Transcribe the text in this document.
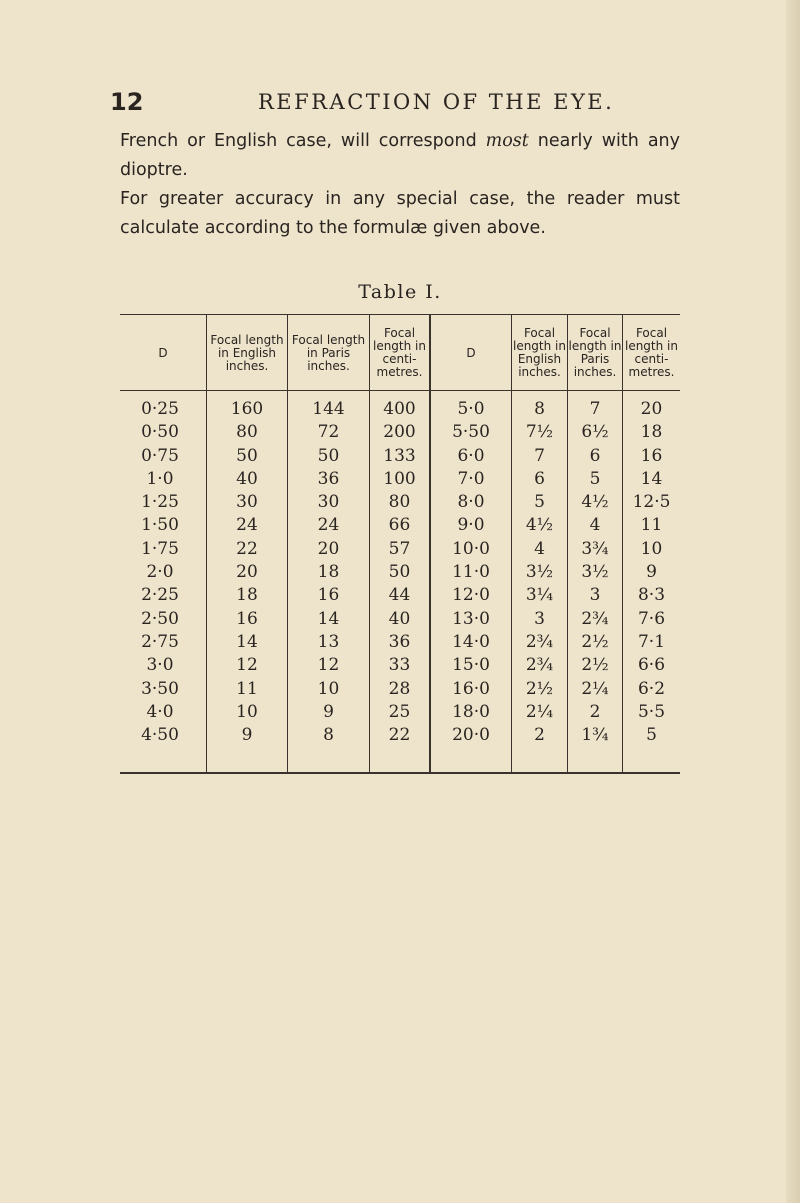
12	REFRACTION OF THE EYE.

French or English case, will correspond most nearly with any dioptre.

For greater accuracy in any special case, the reader must calculate according to the formulæ given above.

Table I.
D
Focal length in English inches.
Focal length in Paris inches.
Focal length in centi-metres.
D
Focal length in English inches.
Focal length in Paris inches.
Focal length in centi-metres.
0·25
0·50
0·75
1·0
1·25
1·50
1·75
2·0
2·25
2·50
2·75
3·0
3·50
4·0
4·50
160
80
50
40
30
24
22
20
18
16
14
12
11
10
9
144
72
50
36
30
24
20
18
16
14
13
12
10
9
8
400
200
133
100
80
66
57
50
44
40
36
33
28
25
22
5·0
5·50
6·0
7·0
8·0
9·0
10·0
11·0
12·0
13·0
14·0
15·0
16·0
18·0
20·0
8
7½
7
6
5
4½
4
3½
3¼
3
2¾
2¾
2½
2¼
2
7
6½
6
5
4½
4
3¾
3½
3
2¾
2½
2½
2¼
2
1¾
20
18
16
14
12·5
11
10
9
8·3
7·6
7·1
6·6
6·2
5·5
5
